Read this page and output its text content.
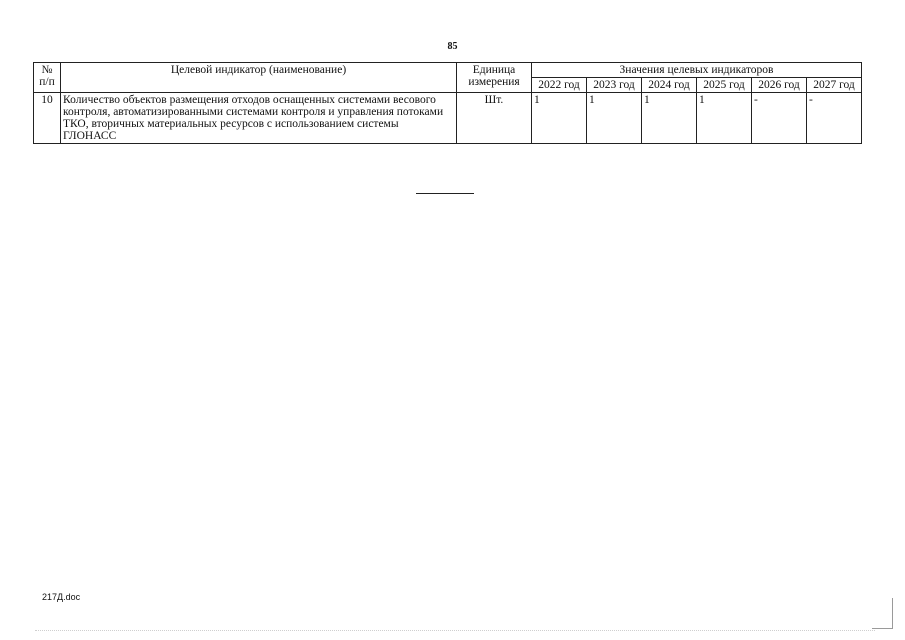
85
№ п/п	Целевой индикатор (наименование)	Единица измерения	Значения целевых индикаторов					
			2022 год	2023 год	2024 год	2025 год	2026 год	2027 год
10	Количество объектов размещения отходов оснащенных системами весового контроля, автоматизированными системами контроля и управления потоками ТКО, вторичных материальных ресурсов с использованием системы ГЛОНАСС	Шт.	1	1	1	1	-	-
217Д.doc
